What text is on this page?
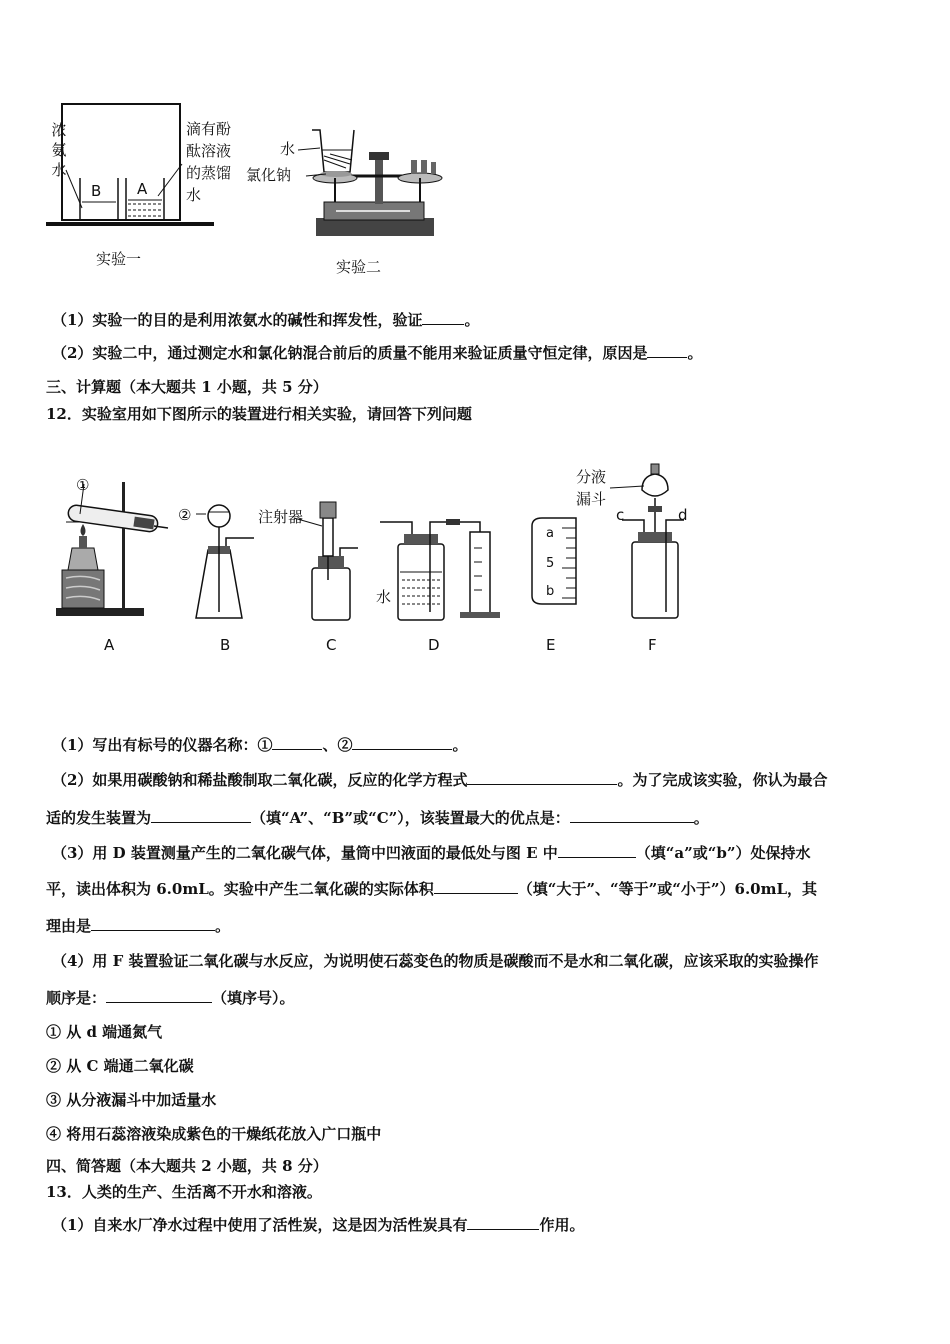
浓氨水
B A
滴有酚
酞溶液
的蒸馏
水
水
氯化钠
实验一	实验二
（1）实验一的目的是利用浓氨水的碱性和挥发性，验证	。
（2）实验二中，通过测定水和氯化钠混合前后的质量不能用来验证质量守恒定律，原因是	。
三、计算题（本大题共 1 小题，共 5 分）
12．实验室用如下图所示的装置进行相关实验，请回答下列问题
①
②	注射器
水
分液
漏斗
c	d
a
5
b
A	B	C	D	E	F
（1）写出有标号的仪器名称：①	、②	。
（2）如果用碳酸钠和稀盐酸制取二氧化碳，反应的化学方程式	。为了完成该实验，你认为最合
适的发生装置为	（填“A”、“B”或“C”），该装置最大的优点是：	。
（3）用 D 装置测量产生的二氧化碳气体，量筒中凹液面的最低处与图 E 中	（填“a”或“b”）处保持水
平，读出体积为 6.0mL。实验中产生二氧化碳的实际体积	（填“大于”、“等于”或“小于”）6.0mL，其
理由是	。
（4）用 F 装置验证二氧化碳与水反应，为说明使石蕊变色的物质是碳酸而不是水和二氧化碳，应该采取的实验操作
顺序是：	（填序号）。
① 从 d 端通氮气
② 从 C 端通二氧化碳
③ 从分液漏斗中加适量水
④ 将用石蕊溶液染成紫色的干燥纸花放入广口瓶中
四、简答题（本大题共 2 小题，共 8 分）
13．人类的生产、生活离不开水和溶液。
（1）自来水厂净水过程中使用了活性炭，这是因为活性炭具有	作用。
